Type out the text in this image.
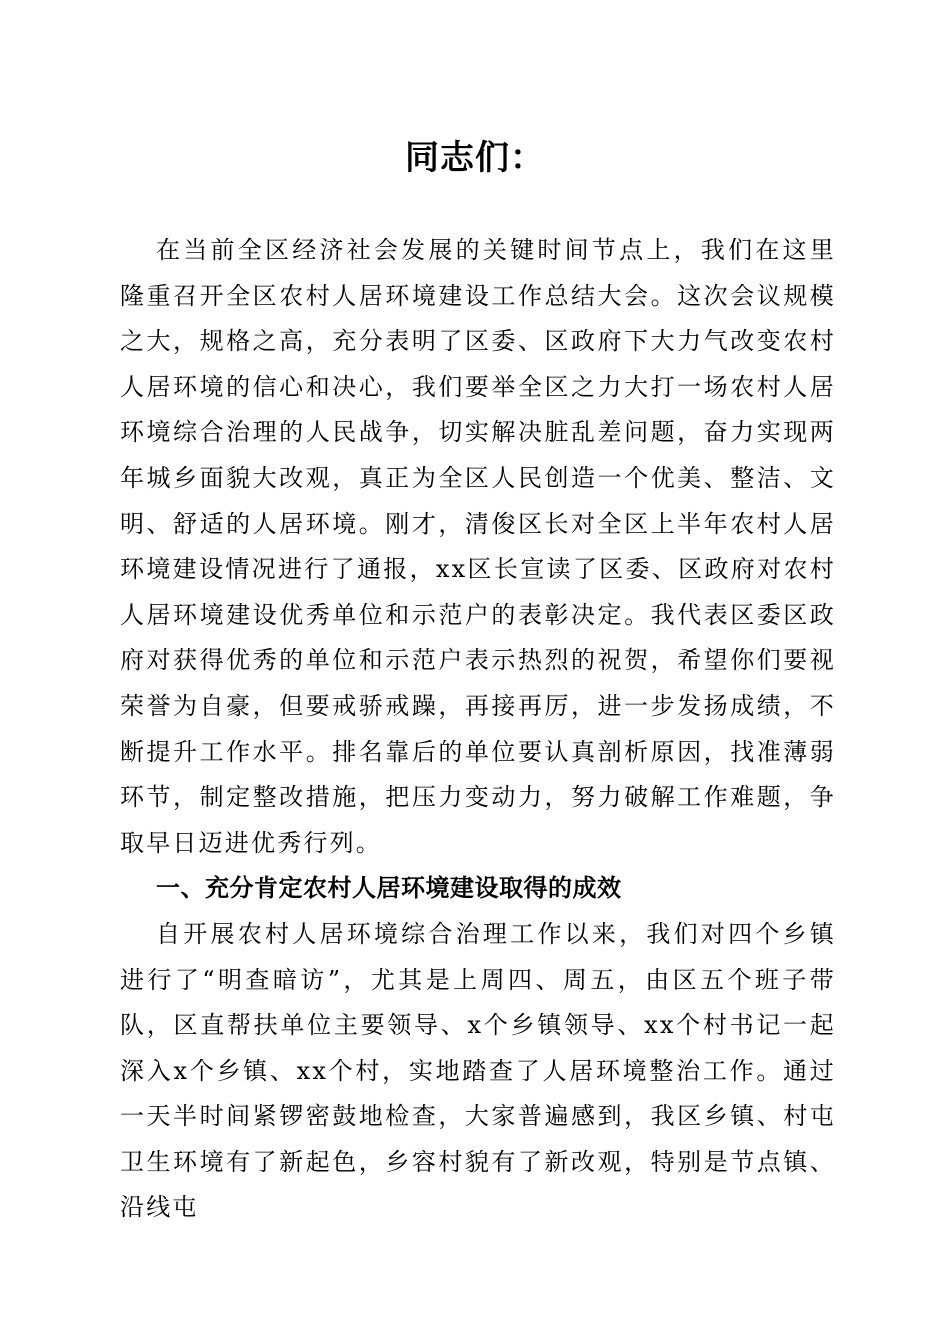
同志们：

在当前全区经济社会发展的关键时间节点上，我们在这里隆重召开全区农村人居环境建设工作总结大会。这次会议规模之大，规格之高，充分表明了区委、区政府下大力气改变农村人居环境的信心和决心，我们要举全区之力大打一场农村人居环境综合治理的人民战争，切实解决脏乱差问题，奋力实现两年城乡面貌大改观，真正为全区人民创造一个优美、整洁、文明、舒适的人居环境。刚才，清俊区长对全区上半年农村人居环境建设情况进行了通报，xx区长宣读了区委、区政府对农村人居环境建设优秀单位和示范户的表彰决定。我代表区委区政府对获得优秀的单位和示范户表示热烈的祝贺，希望你们要视荣誉为自豪，但要戒骄戒躁，再接再厉，进一步发扬成绩，不断提升工作水平。排名靠后的单位要认真剖析原因，找准薄弱环节，制定整改措施，把压力变动力，努力破解工作难题，争取早日迈进优秀行列。

一、充分肯定农村人居环境建设取得的成效

自开展农村人居环境综合治理工作以来，我们对四个乡镇进行了“明查暗访”，尤其是上周四、周五，由区五个班子带队，区直帮扶单位主要领导、x个乡镇领导、xx个村书记一起深入x个乡镇、xx个村，实地踏查了人居环境整治工作。通过一天半时间紧锣密鼓地检查，大家普遍感到，我区乡镇、村屯卫生环境有了新起色，乡容村貌有了新改观，特别是节点镇、沿线屯
